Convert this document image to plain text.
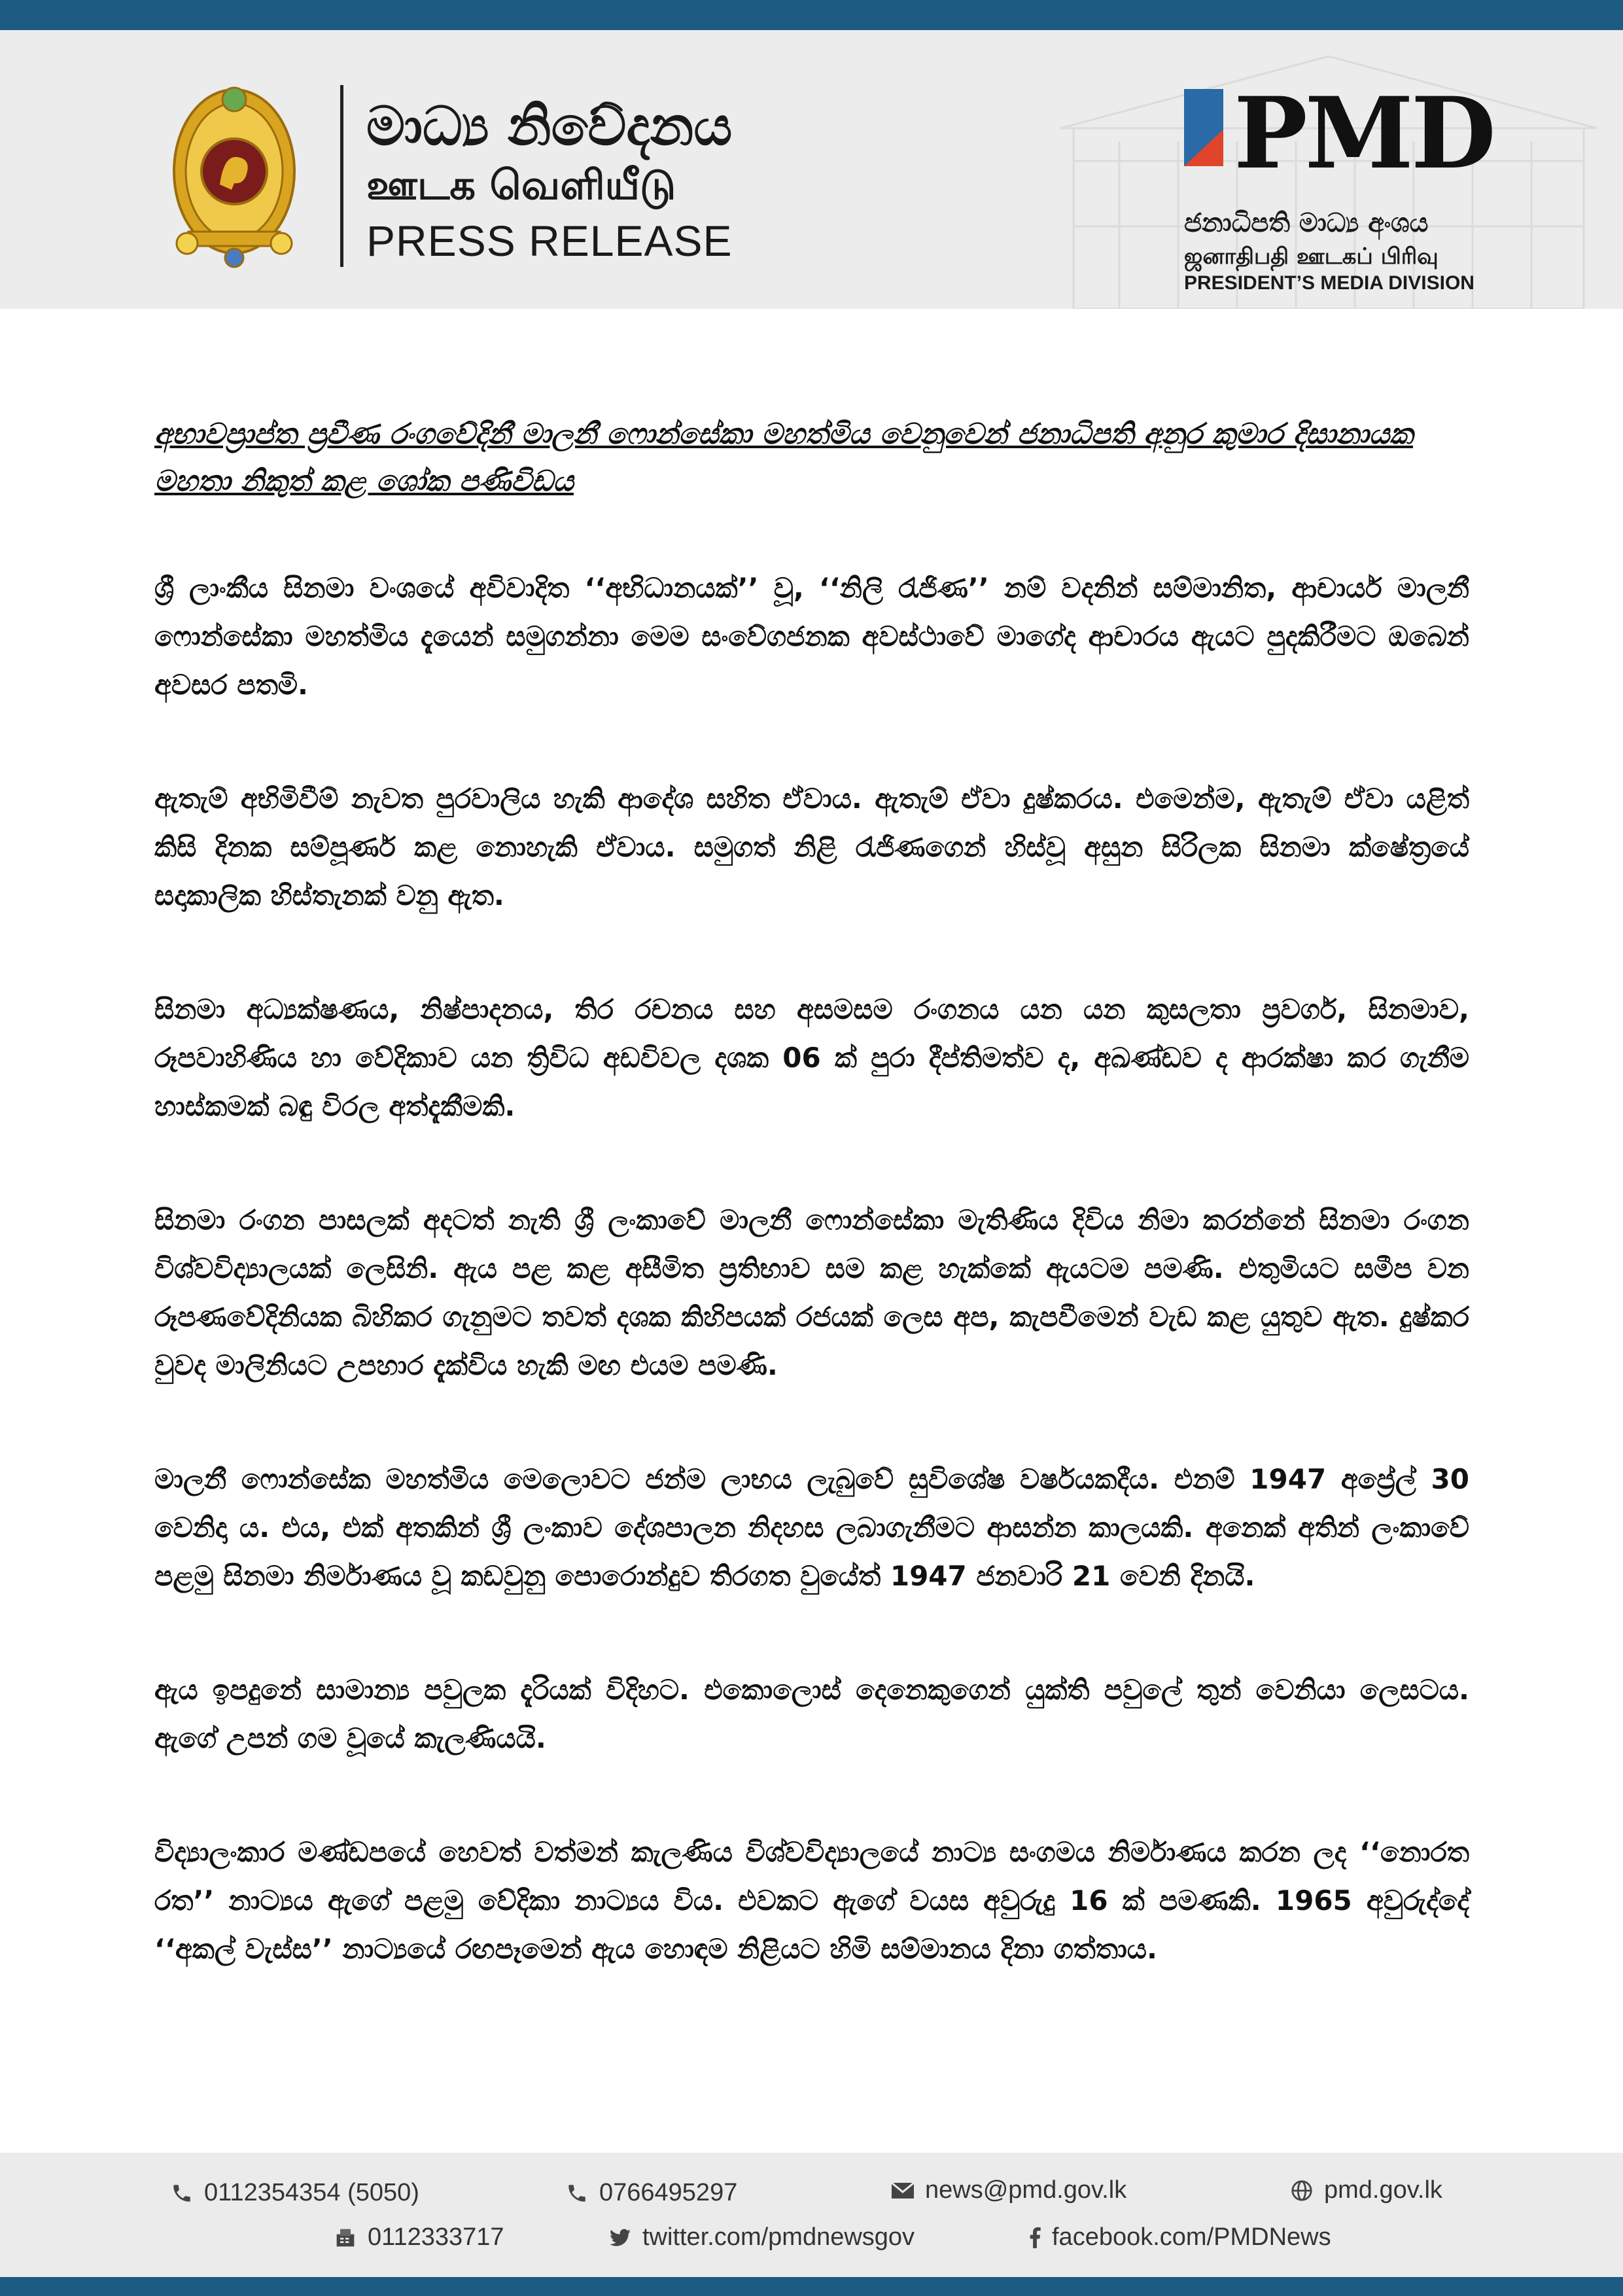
මාධ්‍ය නිවේදනය
ஊடக வெளியீடு
PRESS RELEASE
PMD
ජනාධිපති මාධ්‍ය අංශය
ஜனாதிபதி ஊடகப் பிரிவு
PRESIDENT’S MEDIA DIVISION
අභාවප්‍රාප්ත ප්‍රවීණ රංගවේදිනී මාලනී ෆොන්සේකා මහත්මිය වෙනුවෙන් ජනාධිපති අනුර කුමාර දිසානායක මහතා නිකුත් කළ ශෝක පණිවිඩය

ශ්‍රී ලාංකීය සිනමා වංශයේ අවිවාදිත ‘‘අභිධානයක්’’ වූ, ‘‘නිලි රැජිණ’’ නම් වදනින් සම්මානිත, ආචාර්ය මාලනී ෆොන්සේකා මහත්මිය දැයෙන් සමුගන්නා මෙම සංවේගජනක අවස්ථාවේ මාගේද ආචාරය ඇයට පුදකිරීමට ඔබෙන් අවසර පතමි.

ඇතැම් අභිමිවීම් නැවත පුරවාලිය හැකි ආදේශ සහිත ඒවාය. ඇතැම් ඒවා දුෂ්කරය. එමෙන්ම, ඇතැම් ඒවා යළිත් කිසි දිනක සම්පූර්ණ කළ නොහැකි ඒවාය. සමුගත් නිළි රැජිණගෙන් හිස්වූ අසුන සිරිලක සිනමා ක්ෂේත්‍රයේ සදාකාලික හිස්තැනක් වනු ඇත.

සිනමා අධ්‍යක්ෂණය, නිෂ්පාදනය, තිර රචනය සහ අසමසම රංගනය යන යන කුසලතා ප්‍රවර්ග, සිනමාව, රූපවාහිණිය හා වේදිකාව යන ත්‍රිවිධ අඩවිවල දශක 06 ක් පුරා දීප්තිමත්ව ද, අඛණ්ඩව ද ආරක්ෂා කර ගැනීම හාස්කමක් බඳු විරල අත්දැකීමකි.

සිනමා රංගන පාසලක් අදටත් නැති ශ්‍රී ලංකාවේ මාලනී ෆොන්සේකා මැතිණිය දිවිය නිමා කරන්නේ සිනමා රංගන විශ්වවිද්‍යාලයක් ලෙසිනි. ඇය පළ කළ අසීමිත ප්‍රතිභාව සම කළ හැක්කේ ඇයටම පමණි. එතුමියට සමීප වන රූපණවේදිනියක බිහිකර ගැනුමට තවත් දශක කිහිපයක් රජයක් ලෙස අප, කැපවීමෙන් වැඩ කළ යුතුව ඇත. දුෂ්කර වුවද මාලිනියට උපහාර දැක්විය හැකි මඟ එයම පමණි.

මාලනී ෆොන්සේක මහත්මිය මෙලොවට ජන්ම ලාභය ලැබුවේ සුවිශේෂ වර්ෂයකදීය. එනම් 1947 අප්‍රේල් 30 වෙනිදා ය. එය, එක් අතකින් ශ්‍රී ලංකාව දේශපාලන නිදහස ලබාගැනීමට ආසන්න කාලයකි. අනෙක් අතින් ලංකාවේ පළමු සිනමා නිර්මාණය වූ කඩවුනු පොරොන්දුව තිරගත වුයේත් 1947 ජනවාරි 21 වෙනි දිනයි.

ඇය ඉපදුනේ සාමාන්‍ය පවුලක දැරියක් විදිහට. එකොලොස් දෙනෙකුගෙන් යුක්ති පවුලේ තුන් වෙනියා ලෙසටය. ඇගේ උපන් ගම වූයේ කැලණියයි.

විද්‍යාලංකාර මණ්ඩපයේ හෙවත් වත්මන් කැලණිය විශ්වවිද්‍යාලයේ නාට්‍ය සංගමය නිර්මාණය කරන ලද ‘‘නොරත රත’’ නාට්‍යය ඇගේ පළමු වේදිකා නාට්‍යය විය. එවකට ඇගේ වයස අවුරුදු 16 ක් පමණකි. 1965 අවුරුද්දේ ‘‘අකල් වැස්ස’’ නාට්‍යයේ රඟපෑමෙන් ඇය හොඳම නිළියට හිමි සම්මානය දිනා ගත්තාය.

0112354354 (5050)	0766495297	news@pmd.gov.lk	pmd.gov.lk
0112333717	twitter.com/pmdnewsgov	facebook.com/PMDNews
